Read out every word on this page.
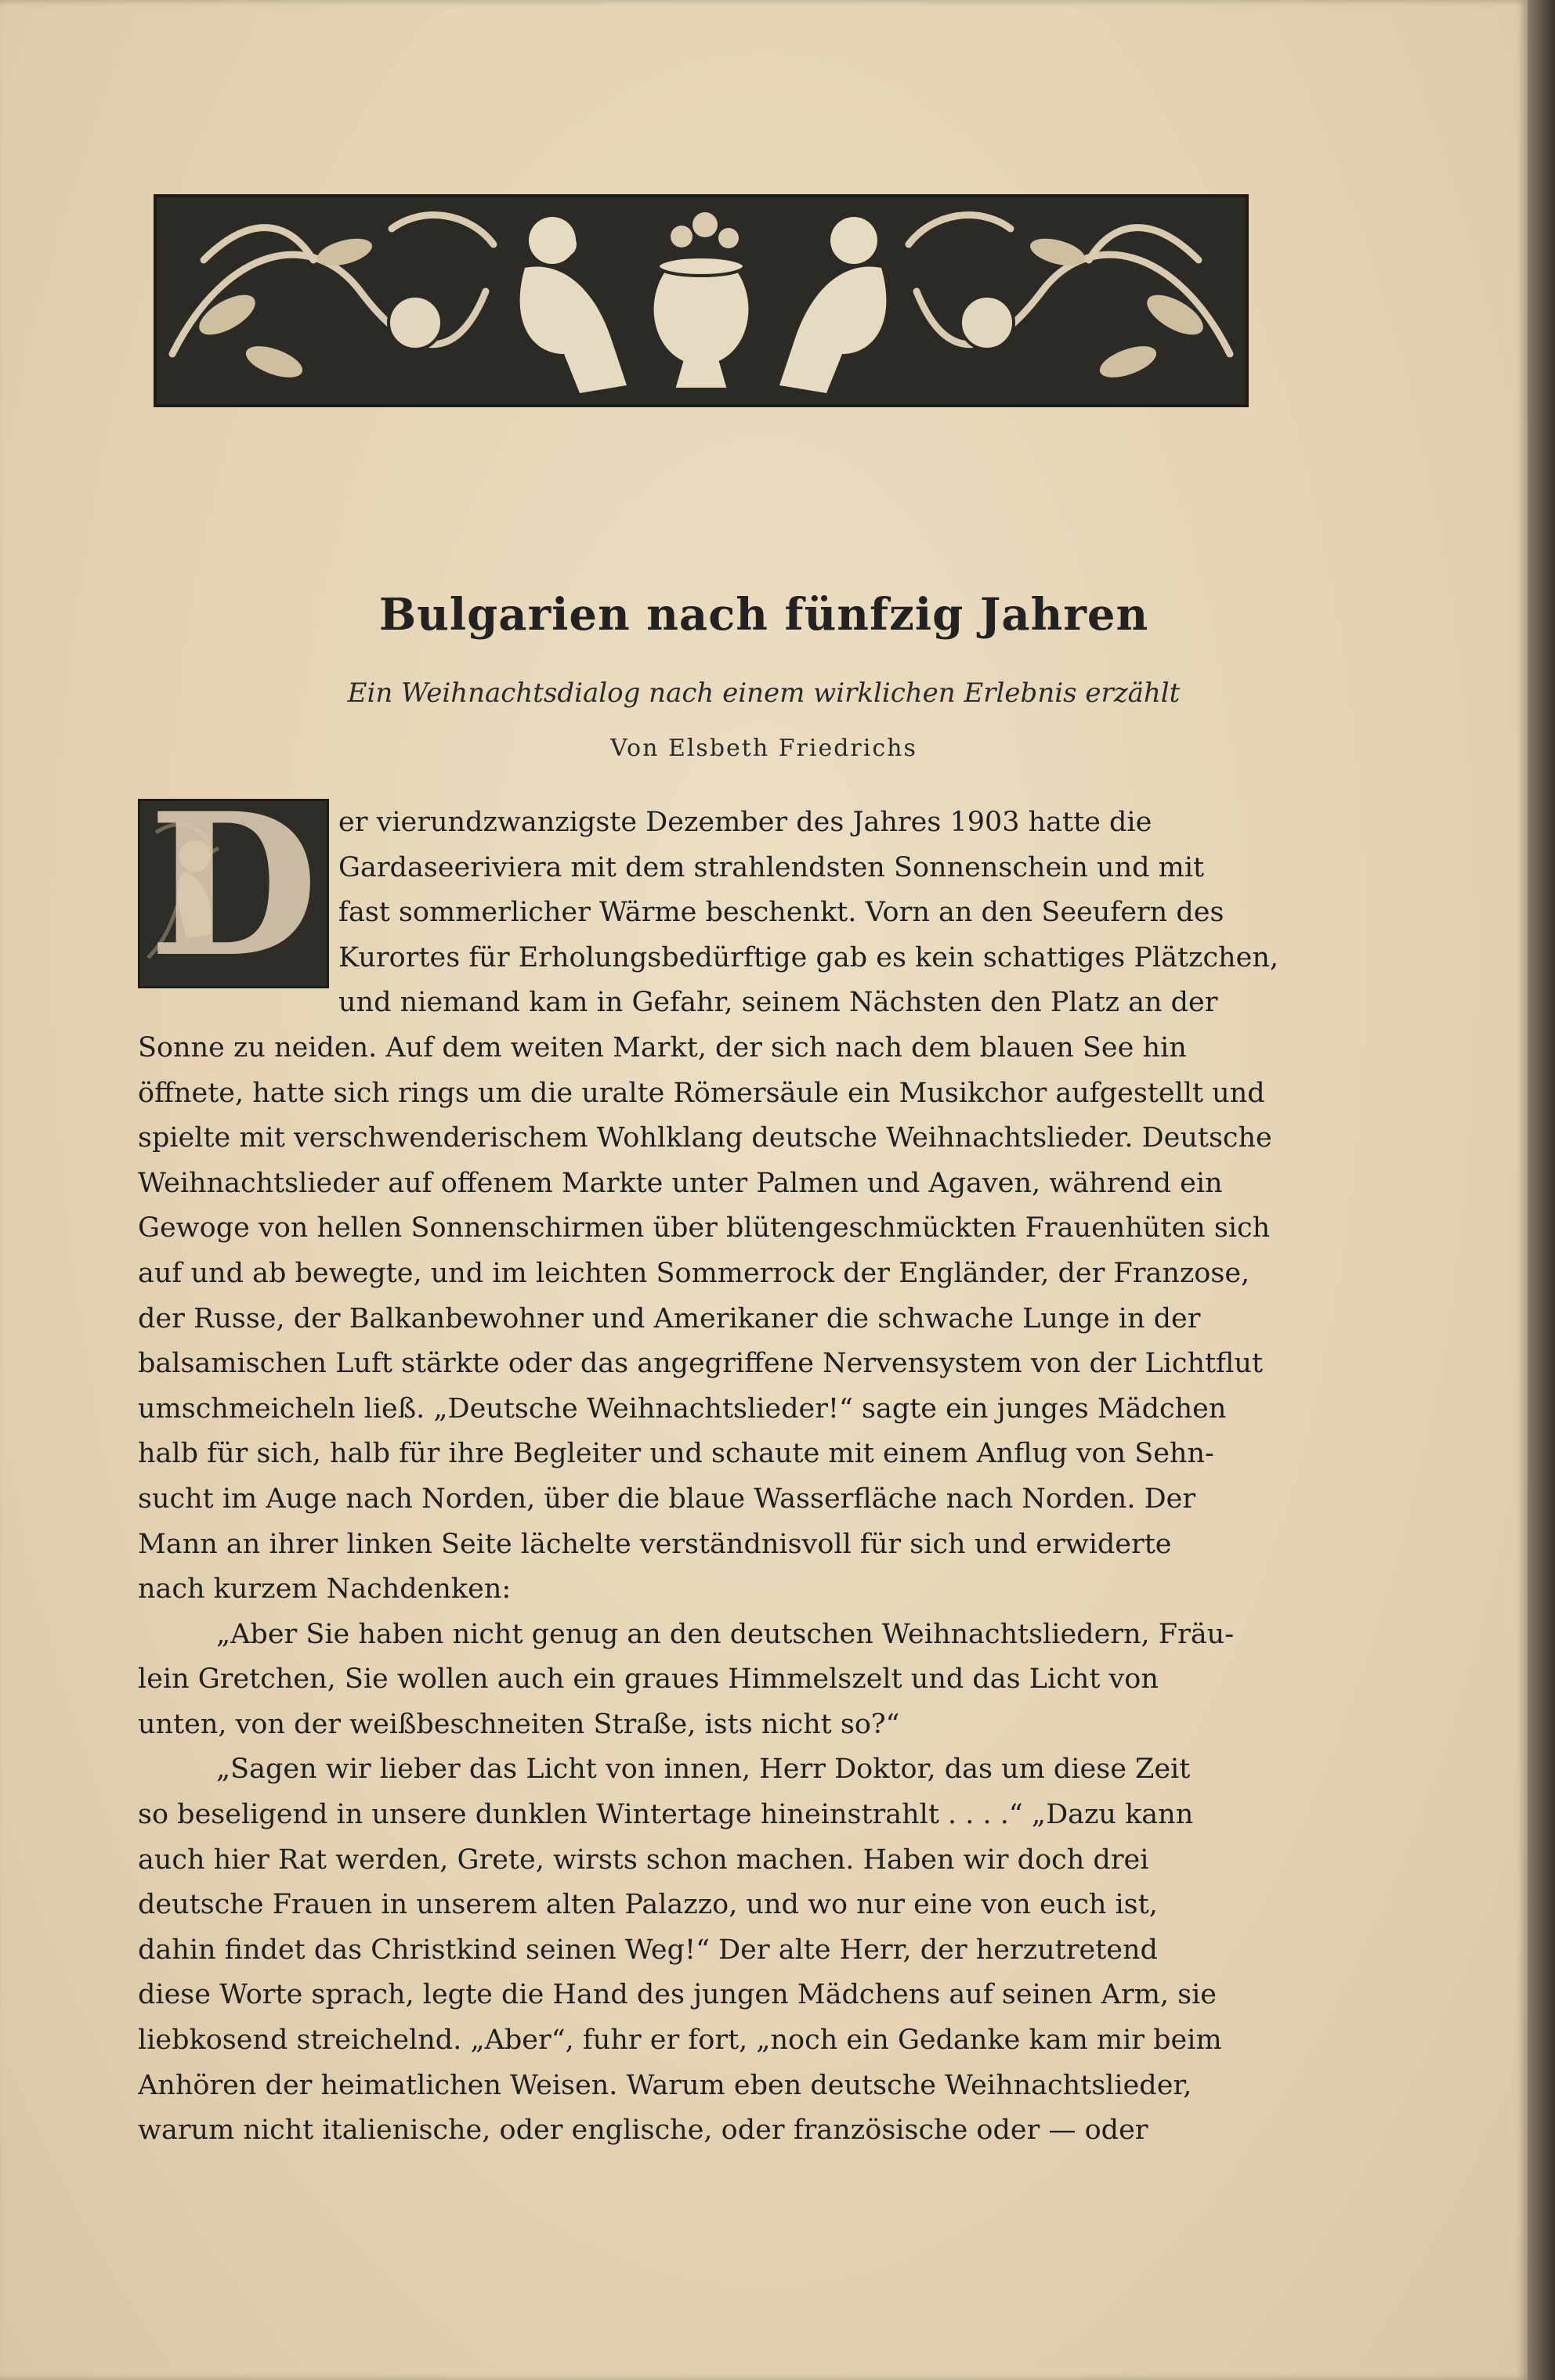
Bulgarien nach fünfzig Jahren
Ein Weihnachtsdialog nach einem wirklichen Erlebnis erzählt
Von Elsbeth Friedrichs
D er vierundzwanzigste Dezember des Jahres 1903 hatte die
Gardaseeriviera mit dem strahlendsten Sonnenschein und mit
fast sommerlicher Wärme beschenkt. Vorn an den Seeufern des
Kurortes für Erholungsbedürftige gab es kein schattiges Plätzchen,
und niemand kam in Gefahr, seinem Nächsten den Platz an der
Sonne zu neiden. Auf dem weiten Markt, der sich nach dem blauen See hin
öffnete, hatte sich rings um die uralte Römersäule ein Musikchor aufgestellt und
spielte mit verschwenderischem Wohlklang deutsche Weihnachtslieder. Deutsche
Weihnachtslieder auf offenem Markte unter Palmen und Agaven, während ein
Gewoge von hellen Sonnenschirmen über blütengeschmückten Frauenhüten sich
auf und ab bewegte, und im leichten Sommerrock der Engländer, der Franzose,
der Russe, der Balkanbewohner und Amerikaner die schwache Lunge in der
balsamischen Luft stärkte oder das angegriffene Nervensystem von der Lichtflut
umschmeicheln ließ. „Deutsche Weihnachtslieder!“ sagte ein junges Mädchen
halb für sich, halb für ihre Begleiter und schaute mit einem Anflug von Sehn-
sucht im Auge nach Norden, über die blaue Wasserfläche nach Norden. Der
Mann an ihrer linken Seite lächelte verständnisvoll für sich und erwiderte
nach kurzem Nachdenken:
„Aber Sie haben nicht genug an den deutschen Weihnachtsliedern, Fräu-
lein Gretchen, Sie wollen auch ein graues Himmelszelt und das Licht von
unten, von der weißbeschneiten Straße, ists nicht so?“
„Sagen wir lieber das Licht von innen, Herr Doktor, das um diese Zeit
so beseligend in unsere dunklen Wintertage hineinstrahlt . . . .“ „Dazu kann
auch hier Rat werden, Grete, wirsts schon machen. Haben wir doch drei
deutsche Frauen in unserem alten Palazzo, und wo nur eine von euch ist,
dahin findet das Christkind seinen Weg!“ Der alte Herr, der herzutretend
diese Worte sprach, legte die Hand des jungen Mädchens auf seinen Arm, sie
liebkosend streichelnd. „Aber“, fuhr er fort, „noch ein Gedanke kam mir beim
Anhören der heimatlichen Weisen. Warum eben deutsche Weihnachtslieder,
warum nicht italienische, oder englische, oder französische oder — oder
